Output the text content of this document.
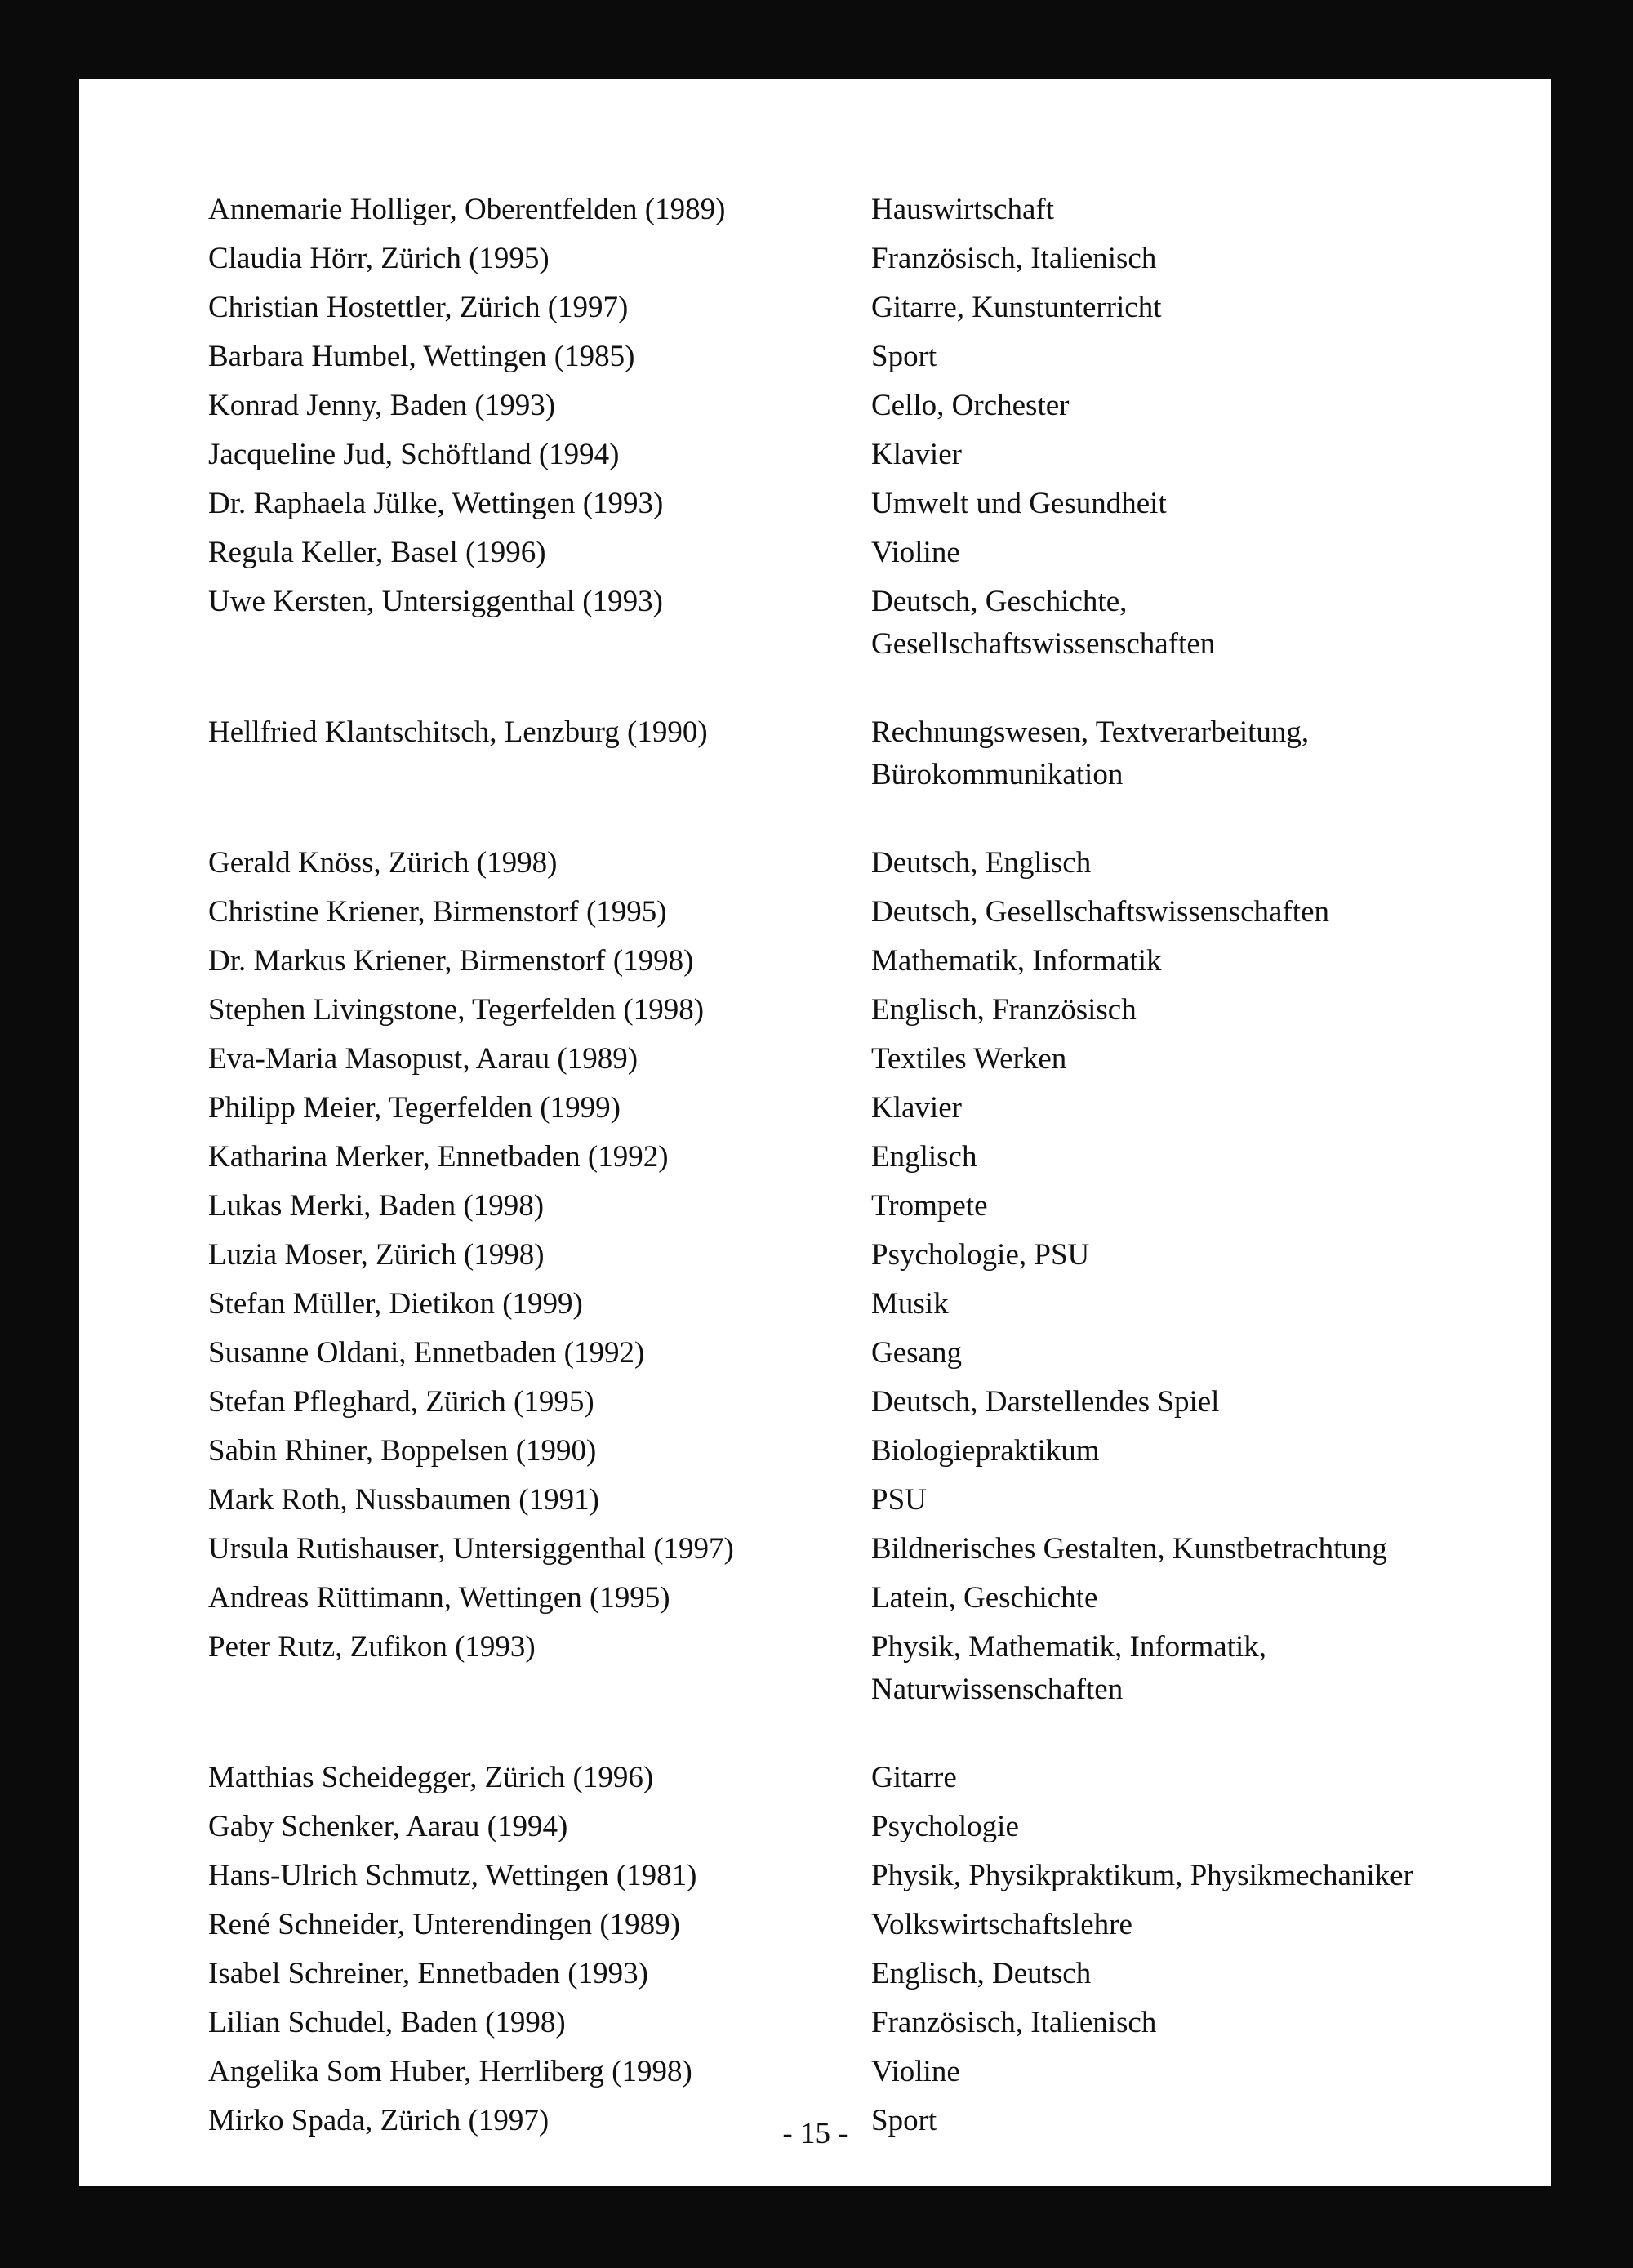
Annemarie Holliger, Oberentfelden (1989)	Hauswirtschaft
Claudia Hörr, Zürich (1995)	Französisch, Italienisch
Christian Hostettler, Zürich (1997)	Gitarre, Kunstunterricht
Barbara Humbel, Wettingen (1985)	Sport
Konrad Jenny, Baden (1993)	Cello, Orchester
Jacqueline Jud, Schöftland (1994)	Klavier
Dr. Raphaela Jülke, Wettingen (1993)	Umwelt und Gesundheit
Regula Keller, Basel (1996)	Violine
Uwe Kersten, Untersiggenthal (1993)	Deutsch, Geschichte,
Gesellschaftswissenschaften
Hellfried Klantschitsch, Lenzburg (1990)	Rechnungswesen, Textverarbeitung,
Bürokommunikation
Gerald Knöss, Zürich (1998)	Deutsch, Englisch
Christine Kriener, Birmenstorf (1995)	Deutsch, Gesellschaftswissenschaften
Dr. Markus Kriener, Birmenstorf (1998)	Mathematik, Informatik
Stephen Livingstone, Tegerfelden (1998)	Englisch, Französisch
Eva-Maria Masopust, Aarau (1989)	Textiles Werken
Philipp Meier, Tegerfelden (1999)	Klavier
Katharina Merker, Ennetbaden (1992)	Englisch
Lukas Merki, Baden (1998)	Trompete
Luzia Moser, Zürich (1998)	Psychologie, PSU
Stefan Müller, Dietikon (1999)	Musik
Susanne Oldani, Ennetbaden (1992)	Gesang
Stefan Pfleghard, Zürich (1995)	Deutsch, Darstellendes Spiel
Sabin Rhiner, Boppelsen (1990)	Biologiepraktikum
Mark Roth, Nussbaumen (1991)	PSU
Ursula Rutishauser, Untersiggenthal (1997)	Bildnerisches Gestalten, Kunstbetrachtung
Andreas Rüttimann, Wettingen (1995)	Latein, Geschichte
Peter Rutz, Zufikon (1993)	Physik, Mathematik, Informatik,
Naturwissenschaften
Matthias Scheidegger, Zürich (1996)	Gitarre
Gaby Schenker, Aarau (1994)	Psychologie
Hans-Ulrich Schmutz, Wettingen (1981)	Physik, Physikpraktikum, Physikmechaniker
René Schneider, Unterendingen (1989)	Volkswirtschaftslehre
Isabel Schreiner, Ennetbaden (1993)	Englisch, Deutsch
Lilian Schudel, Baden (1998)	Französisch, Italienisch
Angelika Som Huber, Herrliberg (1998)	Violine
Mirko Spada, Zürich (1997)	Sport
- 15 -
